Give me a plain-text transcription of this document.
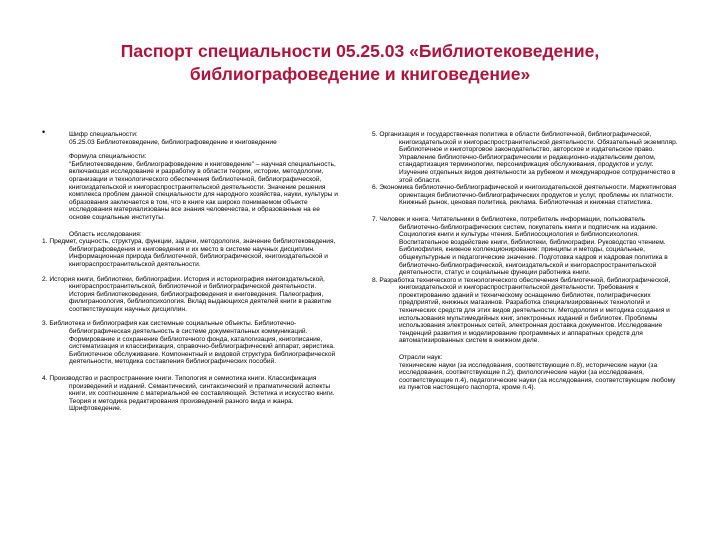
Паспорт специальности 05.25.03 «Библиотековедение,
библиографоведение и книговедение»
•	Шифр специальности:

05.25.03 Библиотековедение, библиографоведение и книговедение

Формула специальности:

"Библиотековедение, библиографоведение и книговедение" – научная специальность, включающая исследование и разработку в области теории, истории, методологии, организации и технологического обеспечения библиотечной, библиографической, книгоиздательской и книгораспространительской деятельности. Значение решения комплекса проблем данной специальности для народного хозяйства, науки, культуры и образования заключается в том, что в книге как широко понимаемом объекте исследования материализованы все знания человечества, и образованные на ее основе социальные институты.

Область исследования:

1. Предмет, сущность, структура, функции, задачи, методология, значение библиотековедения, библиографоведения и книговедения и их место в системе научных дисциплин. Информационная природа библиотечной, библиографической, книгоиздательской и книгораспространительской деятельности.

2. История книги, библиотеки, библиографии. История и историография книгоиздательской, книгораспространительской, библиотечной и библиографической деятельности. История библиотековедения, библиографоведения и книговедения. Палеография, филиграноология, библиопсихология. Вклад выдающихся деятелей книги в развитие соответствующих научных дисциплин.

3. Библиотека и библиография как системные социальные объекты. Библиотечно-библиографическая деятельность в системе документальных коммуникаций. Формирование и сохранение библиотечного фонда, каталогизация, книгописание, систематизация и классификация, справочно-библиографический аппарат, эвристика. Библиотечное обслуживание. Компонентный и видовой структура библиографической деятельности, методика составления библиографических пособий.

4. Производство и распространение книги. Типология и семиотика книги. Классификация произведений и изданий. Семантический, синтаксический и прагматический аспекты книги, их соотношение с материальной ее составляющей. Эстетика и искусство книги. Теория и методика редактирования произведений разного вида и жанра. Шрифтоведение.

5. Организация и государственная политика в области библиотечной, библиографической, книгоиздательской и книгораспространительской деятельности. Обязательный экземпляр. Библиотечное и книготорговое законодательство, авторское и издательское право. Управление библиотечно-библиографическим и редакционно-издательским делом, стандартизация терминологии, персонификация обслуживания, продуктов и услуг. Изучение отдельных видов деятельности за рубежом и международное сотрудничество в этой области.

6. Экономика библиотечно-библиографической и книгоиздательской деятельности. Маркетинговая ориентация библиотечно-библиографических продуктов и услуг, проблемы их платности. Книжный рынок, ценовая политика, реклама. Библиотечная и книжная статистика.

7. Человек и книга. Читательники в библиотеке, потребитель информации, пользователь библиотечно-библиографических систем, покупатель книги и подписчик на издание. Социология книги и культуры чтения. Библиосоциология и библиопсихология. Воспитательное воздействие книги, библиотеки, библиографии. Руководство чтением. Библиофилия, книжное коллекционирование: принципы и методы, социальные, общекультурные и педагогические значение. Подготовка кадров и кадровая политика в библиотечно-библиографической, книгоиздательской и книгораспространительской деятельности, статус и социальные функции работника книги.

8. Разработка технического и технологического обеспечения библиотечной, библиографической, книгоиздательской и книгораспространительской деятельности. Требования к проектированию зданий и техническому оснащению библиотек, полиграфических предприятий, книжных магазинов. Разработка специализированных технологий и технических средств для этих видов деятельности. Методология и методика создания и использования мультимедийных книг, электронных изданий и библиотек. Проблемы использования электронных сетей, электронная доставка документов. Исследование тенденций развития и моделирование программных и аппаратных средств для автоматизированных систем в книжном деле.

Отрасли наук:

технические науки (за исследования, соответствующие п.8), исторические науки (за исследования, соответствующие п.2), филологические науки (за исследования, соответствующие п.4), педагогические науки (за исследования, соответствующие любому из пунктов настоящего паспорта, кроме п.4).
